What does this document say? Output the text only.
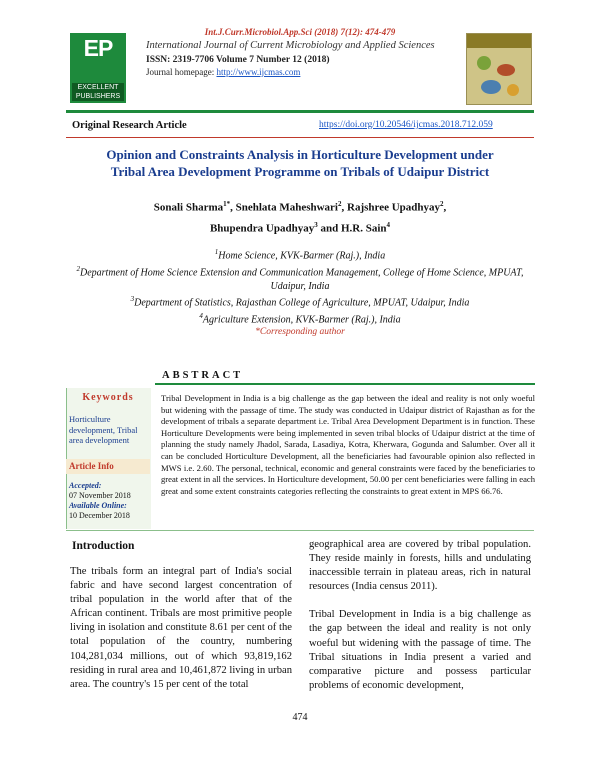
Int.J.Curr.Microbiol.App.Sci (2018) 7(12): 474-479
EP
EXCELLENT PUBLISHERS
International Journal of Current Microbiology and Applied Sciences
ISSN: 2319-7706 Volume 7 Number 12 (2018)
Journal homepage: http://www.ijcmas.com
Original Research Article	https://doi.org/10.20546/ijcmas.2018.712.059
Opinion and Constraints Analysis in Horticulture Development under
Tribal Area Development Programme on Tribals of Udaipur District
Sonali Sharma$^{1*}$, Snehlata Maheshwari$^2$, Rajshree Upadhyay$^2$,
Bhupendra Upadhyay$^3$ and H.R. Sain$^4$
$^1$Home Science, KVK-Barmer (Raj.), India
$^2$Department of Home Science Extension and Communication Management, College of Home Science, MPUAT, Udaipur, India
$^3$Department of Statistics, Rajasthan College of Agriculture, MPUAT, Udaipur, India
$^4$Agriculture Extension, KVK-Barmer (Raj.), India
*Corresponding author
ABSTRACT
Keywords
Horticulture development, Tribal area development
Article Info
Accepted:
07 November 2018
Available Online:
10 December 2018
Tribal Development in India is a big challenge as the gap between the ideal and reality is not only woeful but widening with the passage of time. The study was conducted in Udaipur district of Rajasthan as for the development of tribals a separate department i.e. Tribal Area Development Department is in function. These Horticulture Developments were being implemented in seven tribal blocks of Udaipur district at the time of planning the study namely Jhadol, Sarada, Lasadiya, Kotra, Kherwara, Gogunda and Salumber. Over all it can be concluded Horticulture Development, all the beneficiaries had favourable opinion also reflected in MWS i.e. 2.60. The personal, technical, economic and general constraints were faced by the beneficiaries to great extent in all the services. In Horticulture development, 50.00 per cent beneficiaries were falling in each great and some extent constraints categories reflecting the constraints to great extent in MPS 66.76.
Introduction
The tribals form an integral part of India's social fabric and have second largest concentration of tribal population in the world after that of the African continent. Tribals are most primitive people living in isolation and constitute 8.61 per cent of the total population of the country, numbering 104,281,034 millions, out of which 93,819,162 residing in rural area and 10,461,872 living in urban area. The country's 15 per cent of the total

geographical area are covered by tribal population. They reside mainly in forests, hills and undulating inaccessible terrain in plateau areas, rich in natural resources (India census 2011).

Tribal Development in India is a big challenge as the gap between the ideal and reality is not only woeful but widening with the passage of time. The Tribal situations in India present a varied and comparative picture and possess particular problems of economic development,

474
